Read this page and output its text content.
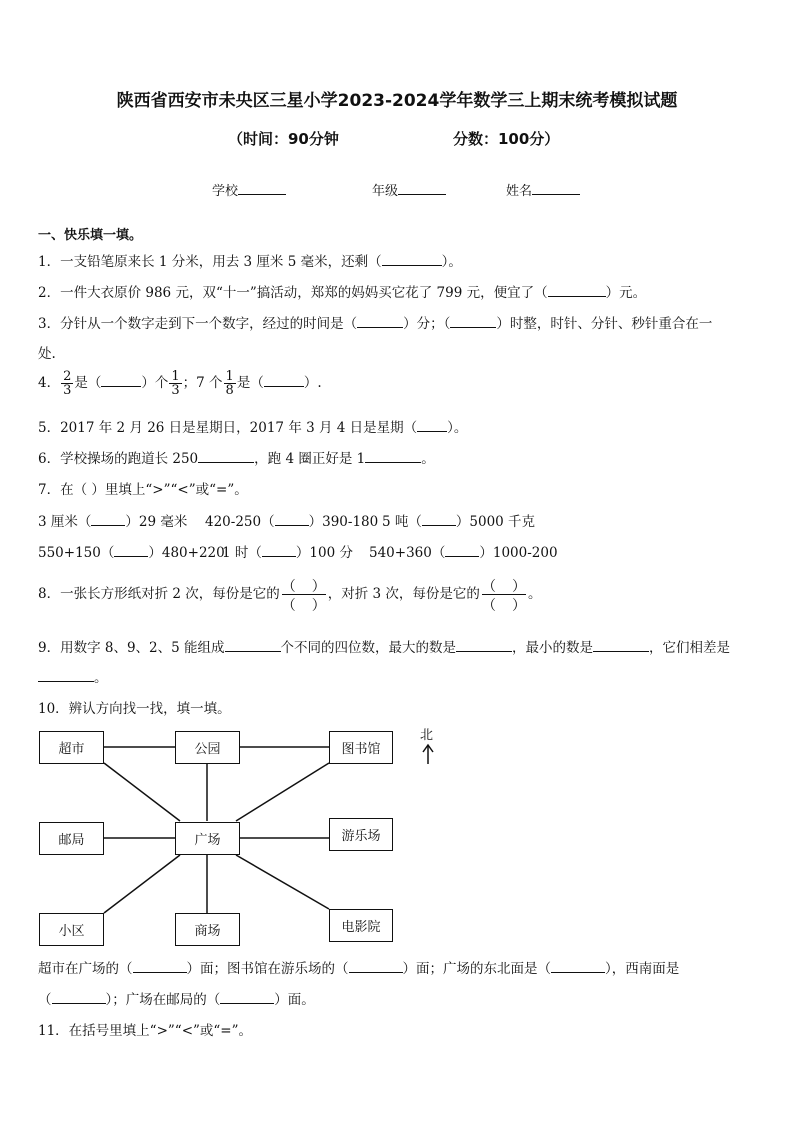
陕西省西安市未央区三星小学2023-2024学年数学三上期末统考模拟试题
（时间：90分钟	分数：100分）
学校	年级	姓名
一、快乐填一填。
1．一支铅笔原来长 1 分米，用去 3 厘米 5 毫米，还剩（	）。
2．一件大衣原价 986 元，双“十一”搞活动，郑郑的妈妈买它花了 799 元，便宜了（	）元。
3．分针从一个数字走到下一个数字，经过的时间是（	）分；（	）时整，时针、分针、秒针重合在一
处.
4． $\frac{2}{3}$ 是（	）个 $\frac{1}{3}$ ；7 个 $\frac{1}{8}$ 是（	）.
5．2017 年 2 月 26 日是星期日，2017 年 3 月 4 日是星期（ ）。
6．学校操场的跑道长 250	，跑 4 圈正好是 1	。
7．在（ ）里填上“>”“<”或“=”。
3 厘米（	）29 毫米 420-250（	）390-180 5 吨（	）5000 千克
550+150（	）480+220
1 时（	）100 分 540+360（	）1000-200
8．一张长方形纸对折 2 次，每份是它的 （ ）
（ ）
，对折 3 次，每份是它的 （ ）
（ ）
。
9．用数字 8、9、2、5 能组成	个不同的四位数，最大的数是	，最小的数是	，它们相差是
。
10．辨认方向找一找，填一填。
超市	公园	图书馆
邮局	广场	游乐场
小区	商场	电影院
北
超市在广场的（	）面；图书馆在游乐场的（	）面；广场的东北面是（	），西南面是
（	）；广场在邮局的（	）面。
11．在括号里填上“>”“<”或“=”。
